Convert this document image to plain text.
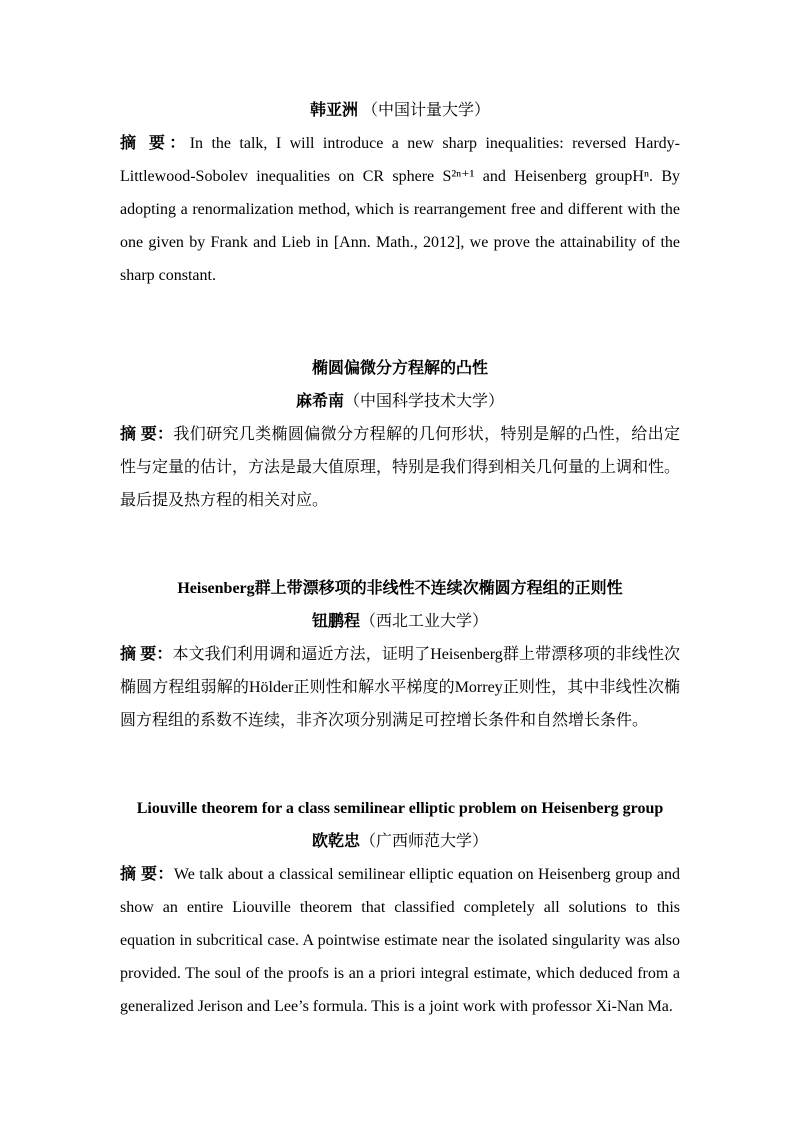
韩亚洲 （中国计量大学）

摘 要：In the talk, I will introduce a new sharp inequalities: reversed Hardy-Littlewood-Sobolev inequalities on CR sphere S²ⁿ⁺¹ and Heisenberg groupHⁿ. By adopting a renormalization method, which is rearrangement free and different with the one given by Frank and Lieb in [Ann. Math., 2012], we prove the attainability of the sharp constant.

椭圆偏微分方程解的凸性
麻希南（中国科学技术大学）

摘 要：我们研究几类椭圆偏微分方程解的几何形状，特别是解的凸性，给出定性与定量的估计，方法是最大值原理，特别是我们得到相关几何量的上调和性。最后提及热方程的相关对应。

Heisenberg群上带漂移项的非线性不连续次椭圆方程组的正则性
钮鹏程（西北工业大学）

摘 要：本文我们利用调和逼近方法，证明了Heisenberg群上带漂移项的非线性次椭圆方程组弱解的Hölder正则性和解水平梯度的Morrey正则性，其中非线性次椭圆方程组的系数不连续，非齐次项分别满足可控增长条件和自然增长条件。

Liouville theorem for a class semilinear elliptic problem on Heisenberg group
欧乾忠（广西师范大学）

摘 要：We talk about a classical semilinear elliptic equation on Heisenberg group and show an entire Liouville theorem that classified completely all solutions to this equation in subcritical case. A pointwise estimate near the isolated singularity was also provided. The soul of the proofs is an a priori integral estimate, which deduced from a generalized Jerison and Lee’s formula. This is a joint work with professor Xi-Nan Ma.
